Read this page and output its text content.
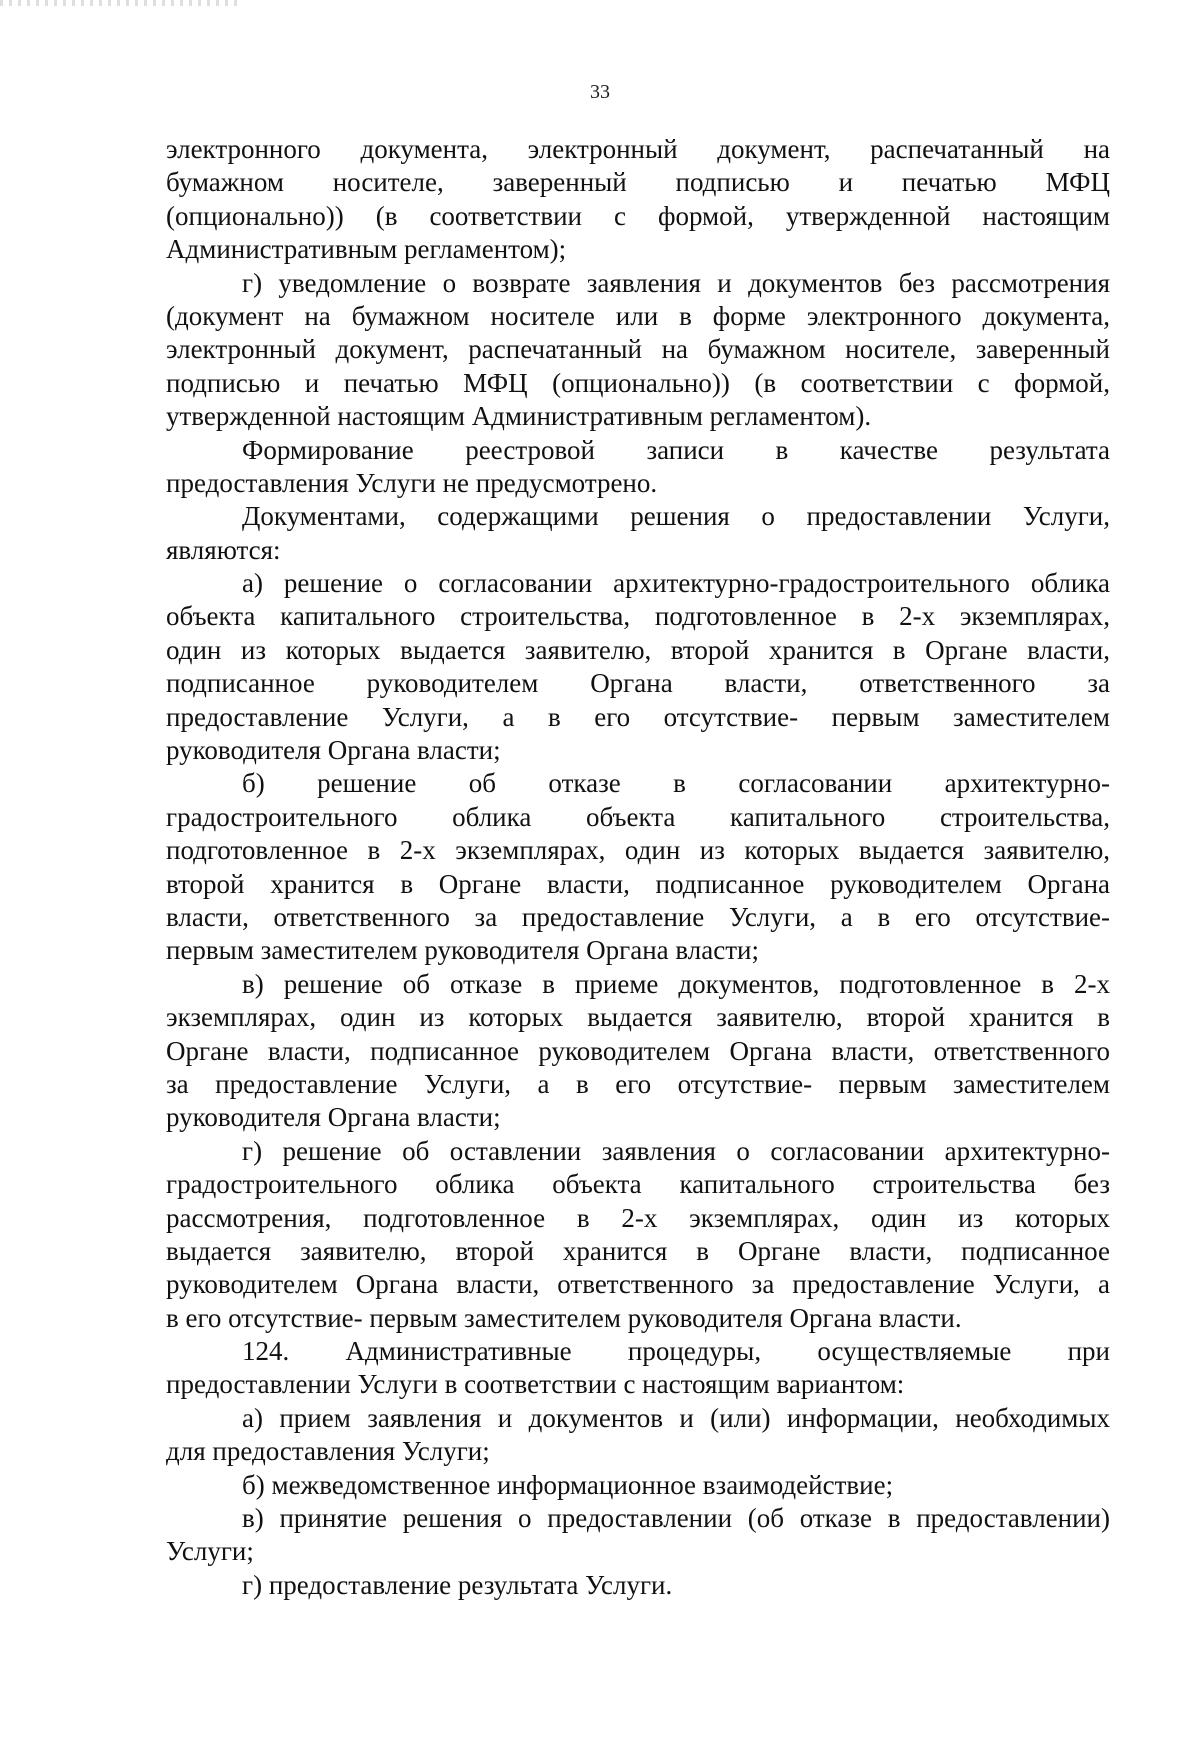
33
электронного документа, электронный документ, распечатанный на
бумажном носителе, заверенный подписью и печатью МФЦ
(опционально)) (в соответствии с формой, утвержденной настоящим
Административным регламентом);
г) уведомление о возврате заявления и документов без рассмотрения
(документ на бумажном носителе или в форме электронного документа,
электронный документ, распечатанный на бумажном носителе, заверенный
подписью и печатью МФЦ (опционально)) (в соответствии с формой,
утвержденной настоящим Административным регламентом).
Формирование реестровой записи в качестве результата
предоставления Услуги не предусмотрено.
Документами, содержащими решения о предоставлении Услуги,
являются:
а) решение о согласовании архитектурно-градостроительного облика
объекта капитального строительства, подготовленное в 2-х экземплярах,
один из которых выдается заявителю, второй хранится в Органе власти,
подписанное руководителем Органа власти, ответственного за
предоставление Услуги, а в его отсутствие- первым заместителем
руководителя Органа власти;
б) решение об отказе в согласовании архитектурно-
градостроительного облика объекта капитального строительства,
подготовленное в 2-х экземплярах, один из которых выдается заявителю,
второй хранится в Органе власти, подписанное руководителем Органа
власти, ответственного за предоставление Услуги, а в его отсутствие-
первым заместителем руководителя Органа власти;
в) решение об отказе в приеме документов, подготовленное в 2-х
экземплярах, один из которых выдается заявителю, второй хранится в
Органе власти, подписанное руководителем Органа власти, ответственного
за предоставление Услуги, а в его отсутствие- первым заместителем
руководителя Органа власти;
г) решение об оставлении заявления о согласовании архитектурно-
градостроительного облика объекта капитального строительства без
рассмотрения, подготовленное в 2-х экземплярах, один из которых
выдается заявителю, второй хранится в Органе власти, подписанное
руководителем Органа власти, ответственного за предоставление Услуги, а
в его отсутствие- первым заместителем руководителя Органа власти.
124. Административные процедуры, осуществляемые при
предоставлении Услуги в соответствии с настоящим вариантом:
а) прием заявления и документов и (или) информации, необходимых
для предоставления Услуги;
б) межведомственное информационное взаимодействие;
в) принятие решения о предоставлении (об отказе в предоставлении)
Услуги;
г) предоставление результата Услуги.
